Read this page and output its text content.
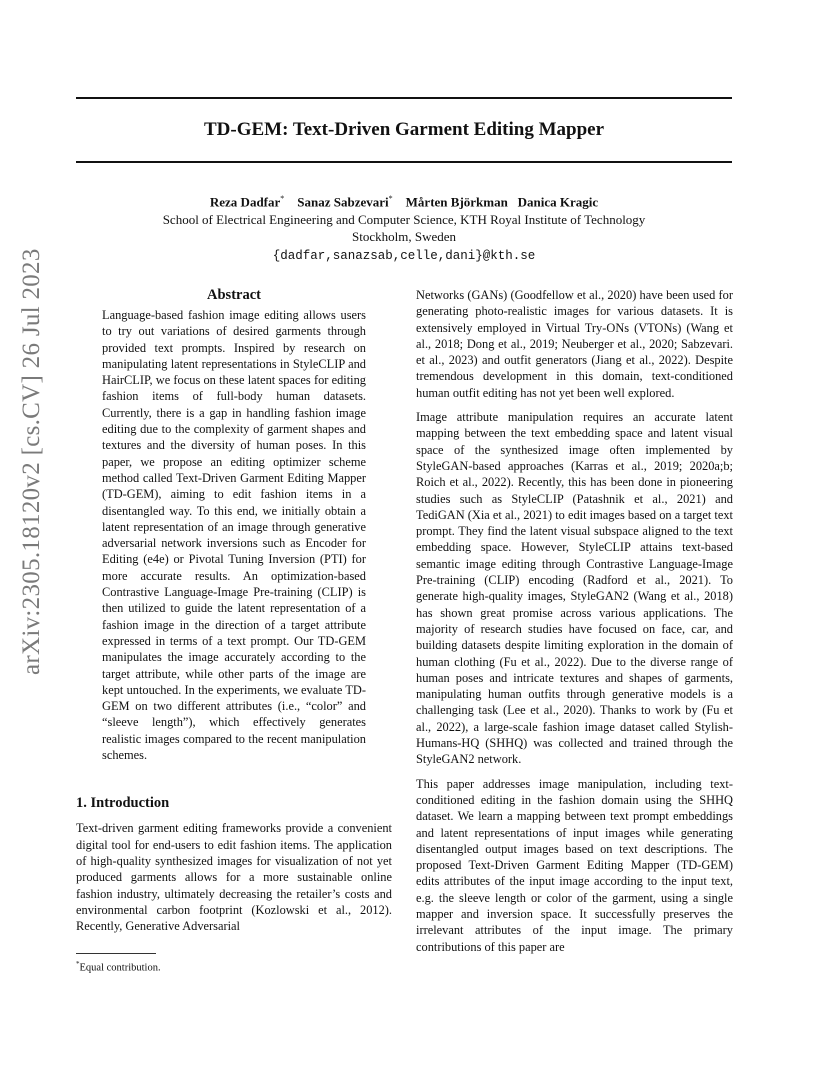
TD-GEM: Text-Driven Garment Editing Mapper
Reza Dadfar* Sanaz Sabzevari* Mårten Björkman Danica Kragic
School of Electrical Engineering and Computer Science, KTH Royal Institute of Technology
Stockholm, Sweden
{dadfar,sanazsab,celle,dani}@kth.se
arXiv:2305.18120v2 [cs.CV] 26 Jul 2023	Abstract

Language-based fashion image editing allows users to try out variations of desired garments through provided text prompts. Inspired by research on manipulating latent representations in StyleCLIP and HairCLIP, we focus on these latent spaces for editing fashion items of full-body human datasets. Currently, there is a gap in handling fashion image editing due to the complexity of garment shapes and textures and the diversity of human poses. In this paper, we propose an editing optimizer scheme method called Text-Driven Garment Editing Mapper (TD-GEM), aiming to edit fashion items in a disentangled way. To this end, we initially obtain a latent representation of an image through generative adversarial network inversions such as Encoder for Editing (e4e) or Pivotal Tuning Inversion (PTI) for more accurate results. An optimization-based Contrastive Language-Image Pre-training (CLIP) is then utilized to guide the latent representation of a fashion image in the direction of a target attribute expressed in terms of a text prompt. Our TD-GEM manipulates the image accurately according to the target attribute, while other parts of the image are kept untouched. In the experiments, we evaluate TD-GEM on two different attributes (i.e., “color” and “sleeve length”), which effectively generates realistic images compared to the recent manipulation schemes.

1. Introduction

Text-driven garment editing frameworks provide a convenient digital tool for end-users to edit fashion items. The application of high-quality synthesized images for visualization of not yet produced garments allows for a more sustainable online fashion industry, ultimately decreasing the retailer’s costs and environmental carbon footprint (Kozlowski et al., 2012). Recently, Generative Adversarial

Networks (GANs) (Goodfellow et al., 2020) have been used for generating photo-realistic images for various datasets. It is extensively employed in Virtual Try-ONs (VTONs) (Wang et al., 2018; Dong et al., 2019; Neuberger et al., 2020; Sabzevari. et al., 2023) and outfit generators (Jiang et al., 2022). Despite tremendous development in this domain, text-conditioned human outfit editing has not yet been well explored.

Image attribute manipulation requires an accurate latent mapping between the text embedding space and latent visual space of the synthesized image often implemented by StyleGAN-based approaches (Karras et al., 2019; 2020a;b; Roich et al., 2022). Recently, this has been done in pioneering studies such as StyleCLIP (Patashnik et al., 2021) and TediGAN (Xia et al., 2021) to edit images based on a target text prompt. They find the latent visual subspace aligned to the text embedding space. However, StyleCLIP attains text-based semantic image editing through Contrastive Language-Image Pre-training (CLIP) encoding (Radford et al., 2021). To generate high-quality images, StyleGAN2 (Wang et al., 2018) has shown great promise across various applications. The majority of research studies have focused on face, car, and building datasets despite limiting exploration in the domain of human clothing (Fu et al., 2022). Due to the diverse range of human poses and intricate textures and shapes of garments, manipulating human outfits through generative models is a challenging task (Lee et al., 2020). Thanks to work by (Fu et al., 2022), a large-scale fashion image dataset called Stylish-Humans-HQ (SHHQ) was collected and trained through the StyleGAN2 network.

This paper addresses image manipulation, including text-conditioned editing in the fashion domain using the SHHQ dataset. We learn a mapping between text prompt embeddings and latent representations of input images while generating disentangled output images based on text descriptions. The proposed Text-Driven Garment Editing Mapper (TD-GEM) edits attributes of the input image according to the input text, e.g. the sleeve length or color of the garment, using a single mapper and inversion space. It successfully preserves the irrelevant attributes of the input image. The primary contributions of this paper are

*Equal contribution.
